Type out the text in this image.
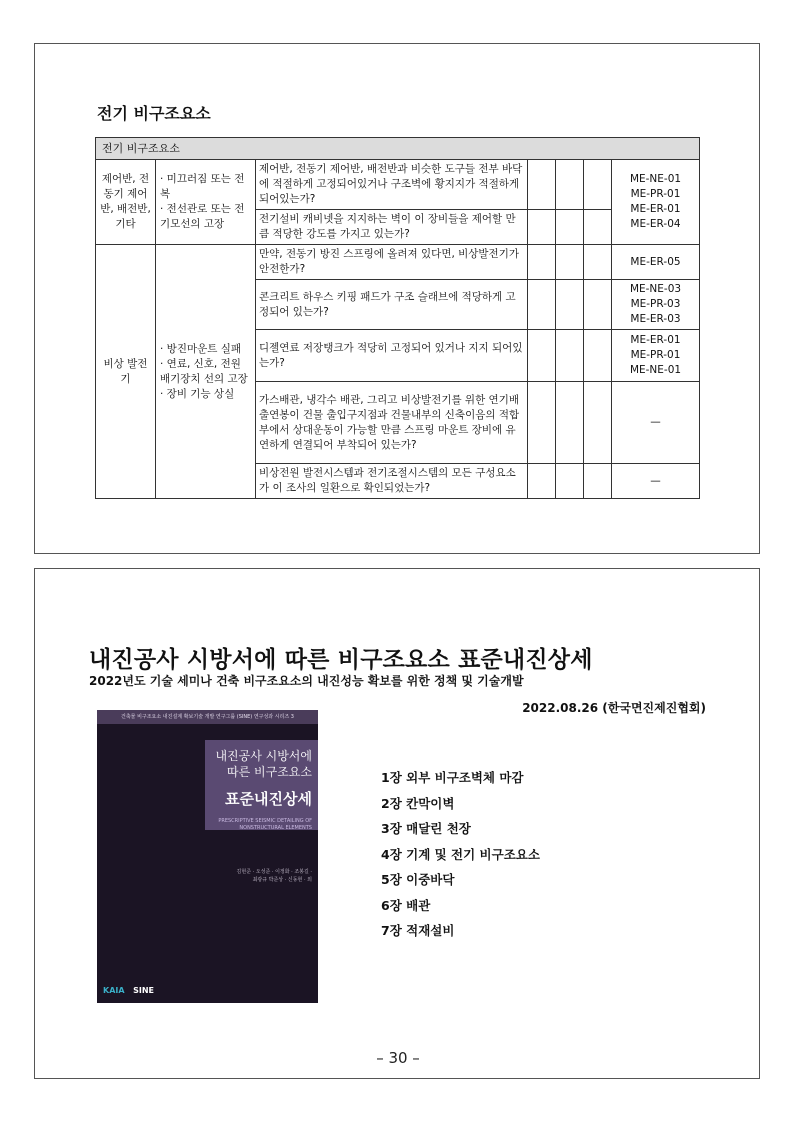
전기 비구조요소
전기 비구조요소						
제어반, 전동기 제어반, 배전반, 기타	· 미끄러짐 또는 전복
· 전선관로 또는 전기모선의 고장	제어반, 전동기 제어반, 배전반과 비슷한 도구들 전부 바닥에 적절하게 고정되어있거나 구조벽에 황지지가 적절하게 되어있는가?				ME-NE-01
ME-PR-01
ME-ER-01
ME-ER-04
		전기설비 캐비넷을 지지하는 벽이 이 장비들을 제어할 만큼 적당한 강도를 가지고 있는가?				
비상 발전기	· 방진마운트 실패
· 연료, 신호, 전원 배기장치 선의 고장
· 장비 기능 상실	만약, 전동기 방진 스프링에 올려져 있다면, 비상발전기가 안전한가?				ME-ER-05
		콘크리트 하우스 키핑 패드가 구조 슬래브에 적당하게 고정되어 있는가?				ME-NE-03
ME-PR-03
ME-ER-03
		디젤연료 저장탱크가 적당히 고정되어 있거나 지지 되어있는가?				ME-ER-01
ME-PR-01
ME-NE-01
		가스배관, 냉각수 배관, 그리고 비상발전기를 위한 연기배출연봉이 건물 출입구지점과 건물내부의 신축이음의 적합부에서 상대운동이 가능할 만큼 스프링 마운트 장비에 유연하게 연결되어 부착되어 있는가?				—
		비상전원 발전시스템과 전기조절시스템의 모든 구성요소가 이 조사의 일환으로 확인되었는가?				—
내진공사 시방서에 따른 비구조요소 표준내진상세
2022년도 기술 세미나 건축 비구조요소의 내진성능 확보를 위한 정책 및 기술개발
2022.08.26 (한국면진제진협회)
건축물 비구조요소 내진설계 확보기술 개발 연구그룹 (SINE) 연구성과 시리즈 3
내진공사 시방서에
따른 비구조요소
표준내진상세
PRESCRIPTIVE SEISMIC DETAILING OF NONSTRUCTURAL ELEMENTS
김현준 · 오성준 · 이정화 · 조봉길 · 최광규 박준상 · 신동현 · 외
KAIA SINE
1장 외부 비구조벽체 마감
2장 칸막이벽
3장 매달린 천장
4장 기계 및 전기 비구조요소
5장 이중바닥
6장 배관
7장 적재설비
– 30 –
